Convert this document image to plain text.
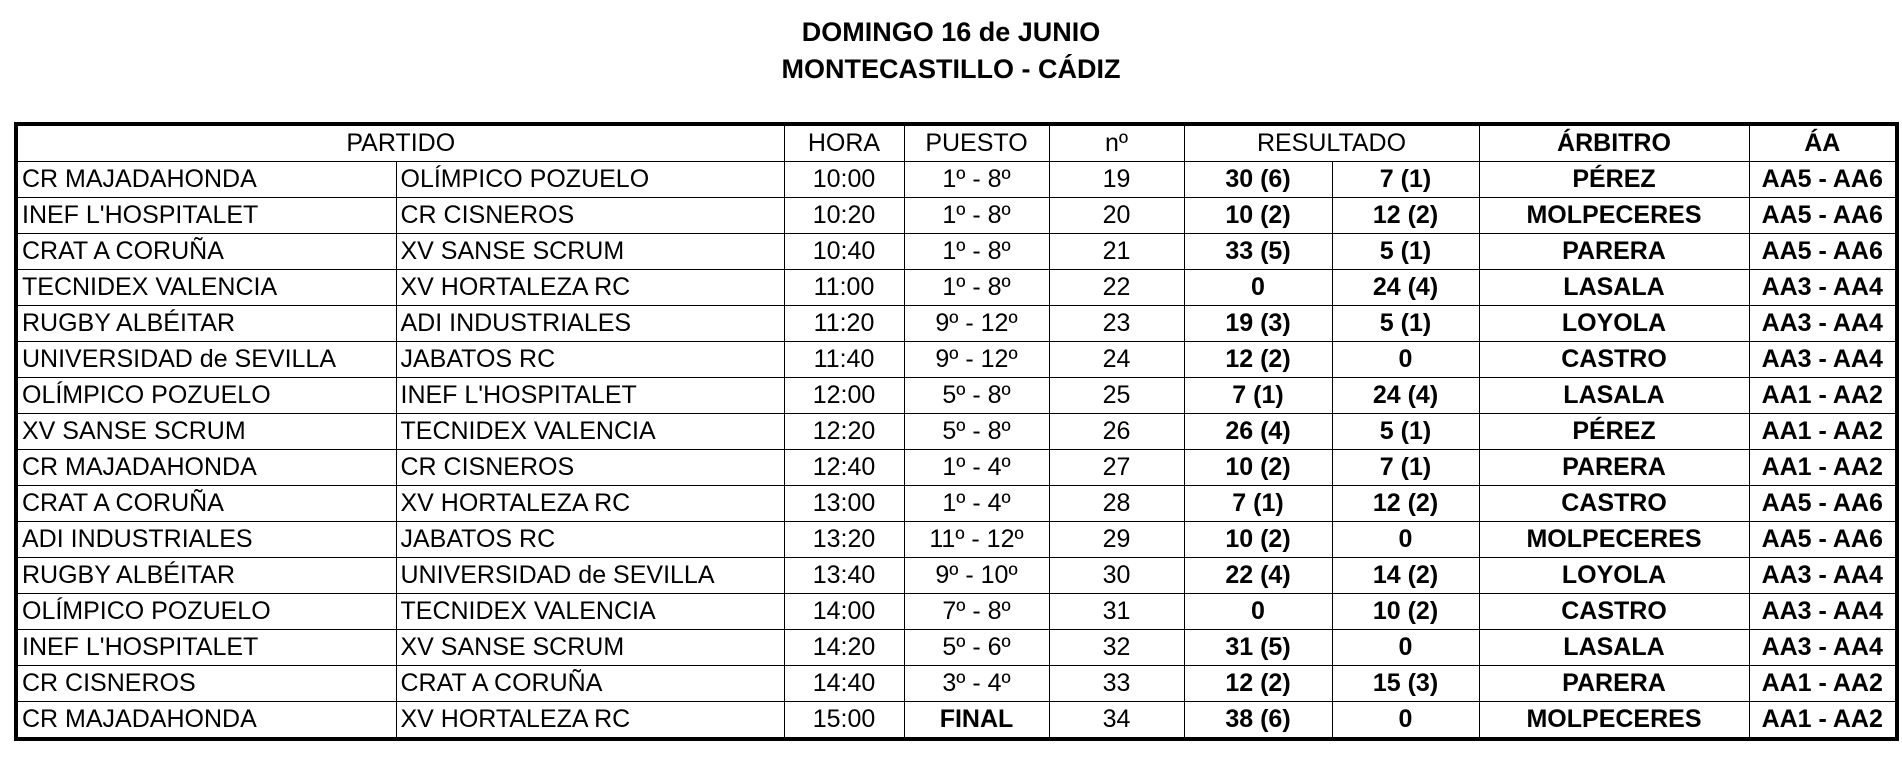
DOMINGO 16 de JUNIO
MONTECASTILLO - CÁDIZ
PARTIDO		HORA	PUESTO	nº	RESULTADO		ÁRBITRO	ÁA
CR MAJADAHONDA	OLÍMPICO POZUELO	10:00	1º - 8º	19	30 (6)	7 (1)	PÉREZ	AA5 - AA6
INEF L'HOSPITALET	CR CISNEROS	10:20	1º - 8º	20	10 (2)	12 (2)	MOLPECERES	AA5 - AA6
CRAT A CORUÑA	XV SANSE SCRUM	10:40	1º - 8º	21	33 (5)	5 (1)	PARERA	AA5 - AA6
TECNIDEX VALENCIA	XV HORTALEZA RC	11:00	1º - 8º	22	0	24 (4)	LASALA	AA3 - AA4
RUGBY ALBÉITAR	ADI INDUSTRIALES	11:20	9º - 12º	23	19 (3)	5 (1)	LOYOLA	AA3 - AA4
UNIVERSIDAD de SEVILLA	JABATOS RC	11:40	9º - 12º	24	12 (2)	0	CASTRO	AA3 - AA4
OLÍMPICO POZUELO	INEF L'HOSPITALET	12:00	5º - 8º	25	7 (1)	24 (4)	LASALA	AA1 - AA2
XV SANSE SCRUM	TECNIDEX VALENCIA	12:20	5º - 8º	26	26 (4)	5 (1)	PÉREZ	AA1 - AA2
CR MAJADAHONDA	CR CISNEROS	12:40	1º - 4º	27	10 (2)	7 (1)	PARERA	AA1 - AA2
CRAT A CORUÑA	XV HORTALEZA RC	13:00	1º - 4º	28	7 (1)	12 (2)	CASTRO	AA5 - AA6
ADI INDUSTRIALES	JABATOS RC	13:20	11º - 12º	29	10 (2)	0	MOLPECERES	AA5 - AA6
RUGBY ALBÉITAR	UNIVERSIDAD de SEVILLA	13:40	9º - 10º	30	22 (4)	14 (2)	LOYOLA	AA3 - AA4
OLÍMPICO POZUELO	TECNIDEX VALENCIA	14:00	7º - 8º	31	0	10 (2)	CASTRO	AA3 - AA4
INEF L'HOSPITALET	XV SANSE SCRUM	14:20	5º - 6º	32	31 (5)	0	LASALA	AA3 - AA4
CR CISNEROS	CRAT A CORUÑA	14:40	3º - 4º	33	12 (2)	15 (3)	PARERA	AA1 - AA2
CR MAJADAHONDA	XV HORTALEZA RC	15:00	FINAL	34	38 (6)	0	MOLPECERES	AA1 - AA2
